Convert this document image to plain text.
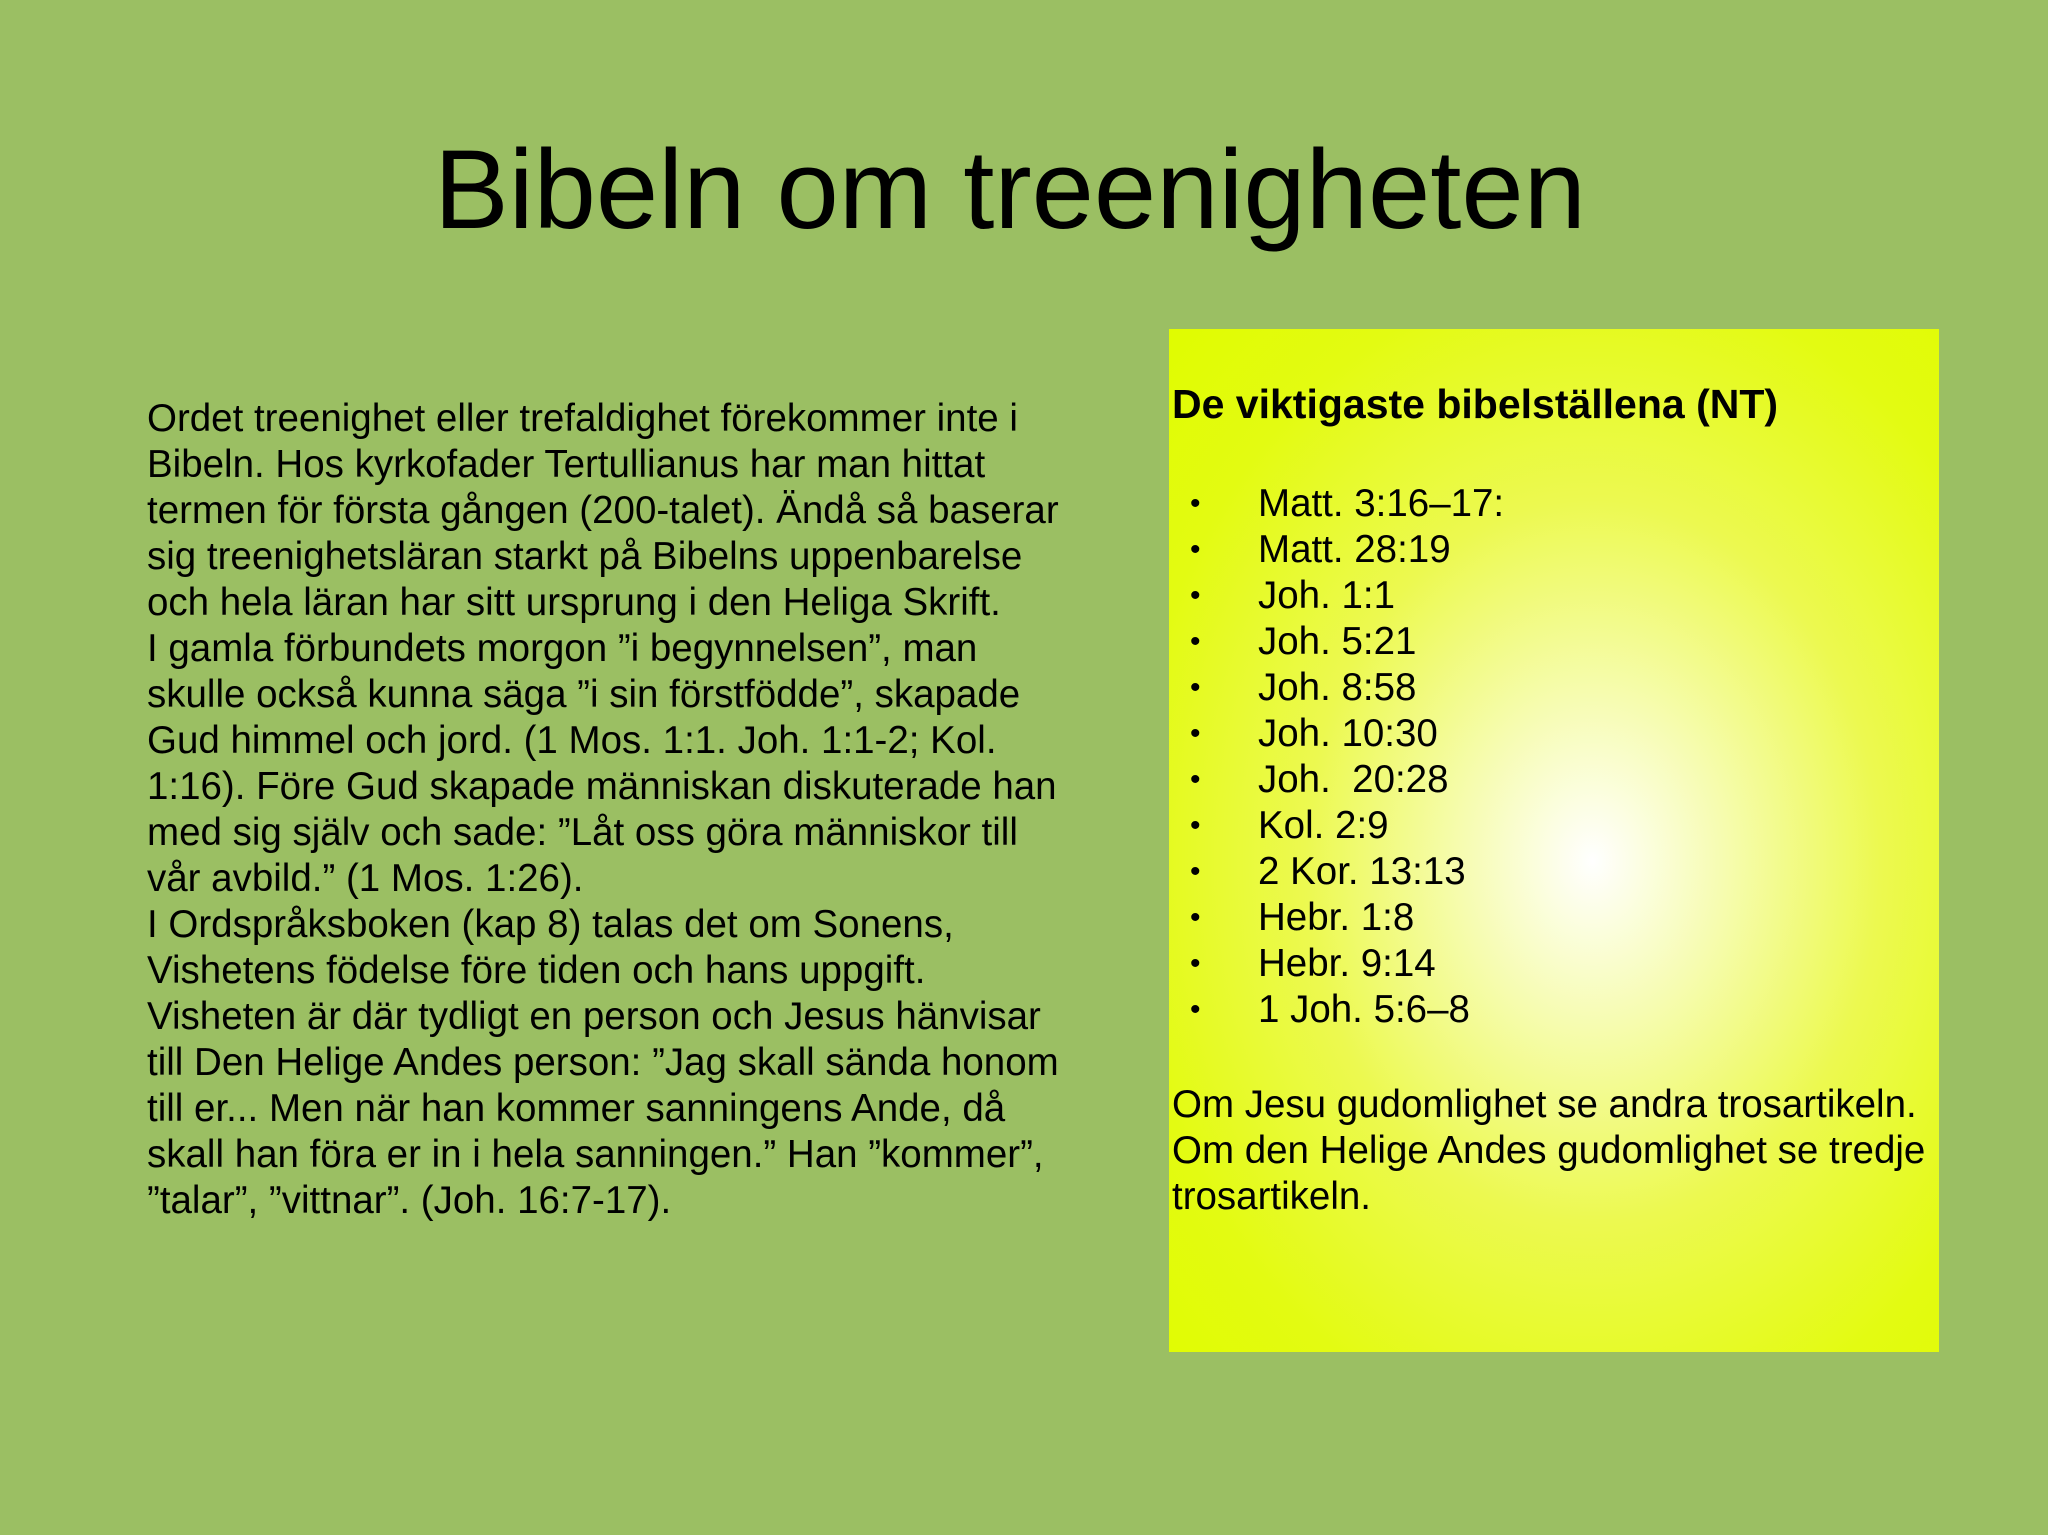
Bibeln om treenigheten

Ordet treenighet eller trefaldighet förekommer inte i Bibeln. Hos kyrkofader Tertullianus har man hittat termen för första gången (200-talet). Ändå så baserar sig treenighetsläran starkt på Bibelns uppenbarelse och hela läran har sitt ursprung i den Heliga Skrift.

I gamla förbundets morgon ”i begynnelsen”, man skulle också kunna säga ”i sin förstfödde”, skapade Gud himmel och jord. (1 Mos. 1:1. Joh. 1:1-2; Kol. 1:16). Före Gud skapade människan diskuterade han med sig själv och sade: ”Låt oss göra människor till vår avbild.” (1 Mos. 1:26).

I Ordspråksboken (kap 8) talas det om Sonens, Vishetens födelse före tiden och hans uppgift. Visheten är där tydligt en person och Jesus hänvisar till Den Helige Andes person: ”Jag skall sända honom till er... Men när han kommer sanningens Ande, då skall han föra er in i hela sanningen.” Han ”kommer”, ”talar”, ”vittnar”. (Joh. 16:7-17).

De viktigaste bibelställena (NT)
• Matt. 3:16–17:
• Matt. 28:19
• Joh. 1:1
• Joh. 5:21
• Joh. 8:58
• Joh. 10:30
• Joh.  20:28
• Kol. 2:9
• 2 Kor. 13:13
• Hebr. 1:8
• Hebr. 9:14
• 1 Joh. 5:6–8

Om Jesu gudomlighet se andra trosartikeln.

Om den Helige Andes gudomlighet se tredje trosartikeln.
